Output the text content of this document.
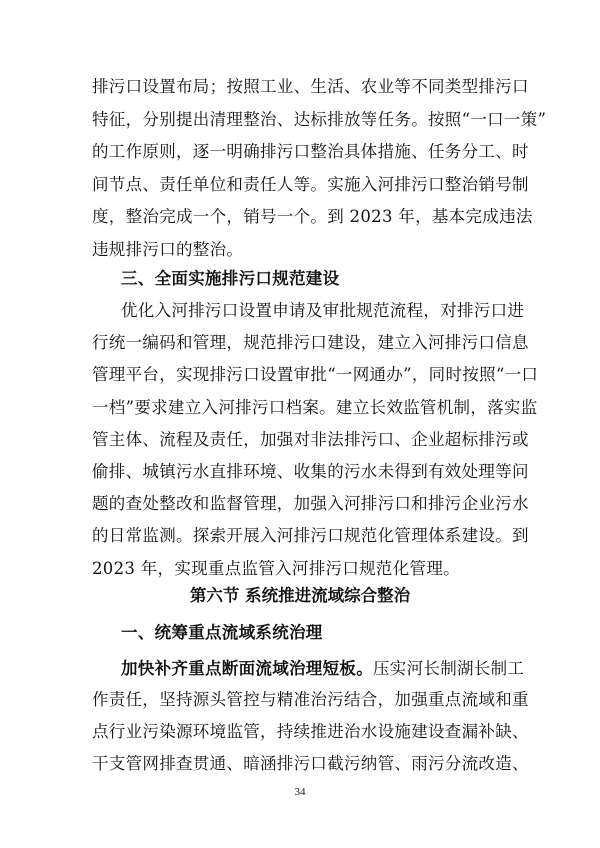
排污口设置布局；按照工业、生活、农业等不同类型排污口
特征，分别提出清理整治、达标排放等任务。按照“一口一策”
的工作原则，逐一明确排污口整治具体措施、任务分工、时
间节点、责任单位和责任人等。实施入河排污口整治销号制
度，整治完成一个，销号一个。到 2023 年，基本完成违法
违规排污口的整治。
三、全面实施排污口规范建设
优化入河排污口设置申请及审批规范流程，对排污口进
行统一编码和管理，规范排污口建设，建立入河排污口信息
管理平台，实现排污口设置审批“一网通办”，同时按照“一口
一档”要求建立入河排污口档案。建立长效监管机制，落实监
管主体、流程及责任，加强对非法排污口、企业超标排污或
偷排、城镇污水直排环境、收集的污水未得到有效处理等问
题的查处整改和监督管理，加强入河排污口和排污企业污水
的日常监测。探索开展入河排污口规范化管理体系建设。到
2023 年，实现重点监管入河排污口规范化管理。
第六节 系统推进流域综合整治
一、统筹重点流域系统治理
加快补齐重点断面流域治理短板。压实河长制湖长制工
作责任，坚持源头管控与精准治污结合，加强重点流域和重
点行业污染源环境监管，持续推进治水设施建设查漏补缺、
34
干支管网排查贯通、暗涵排污口截污纳管、雨污分流改造、
